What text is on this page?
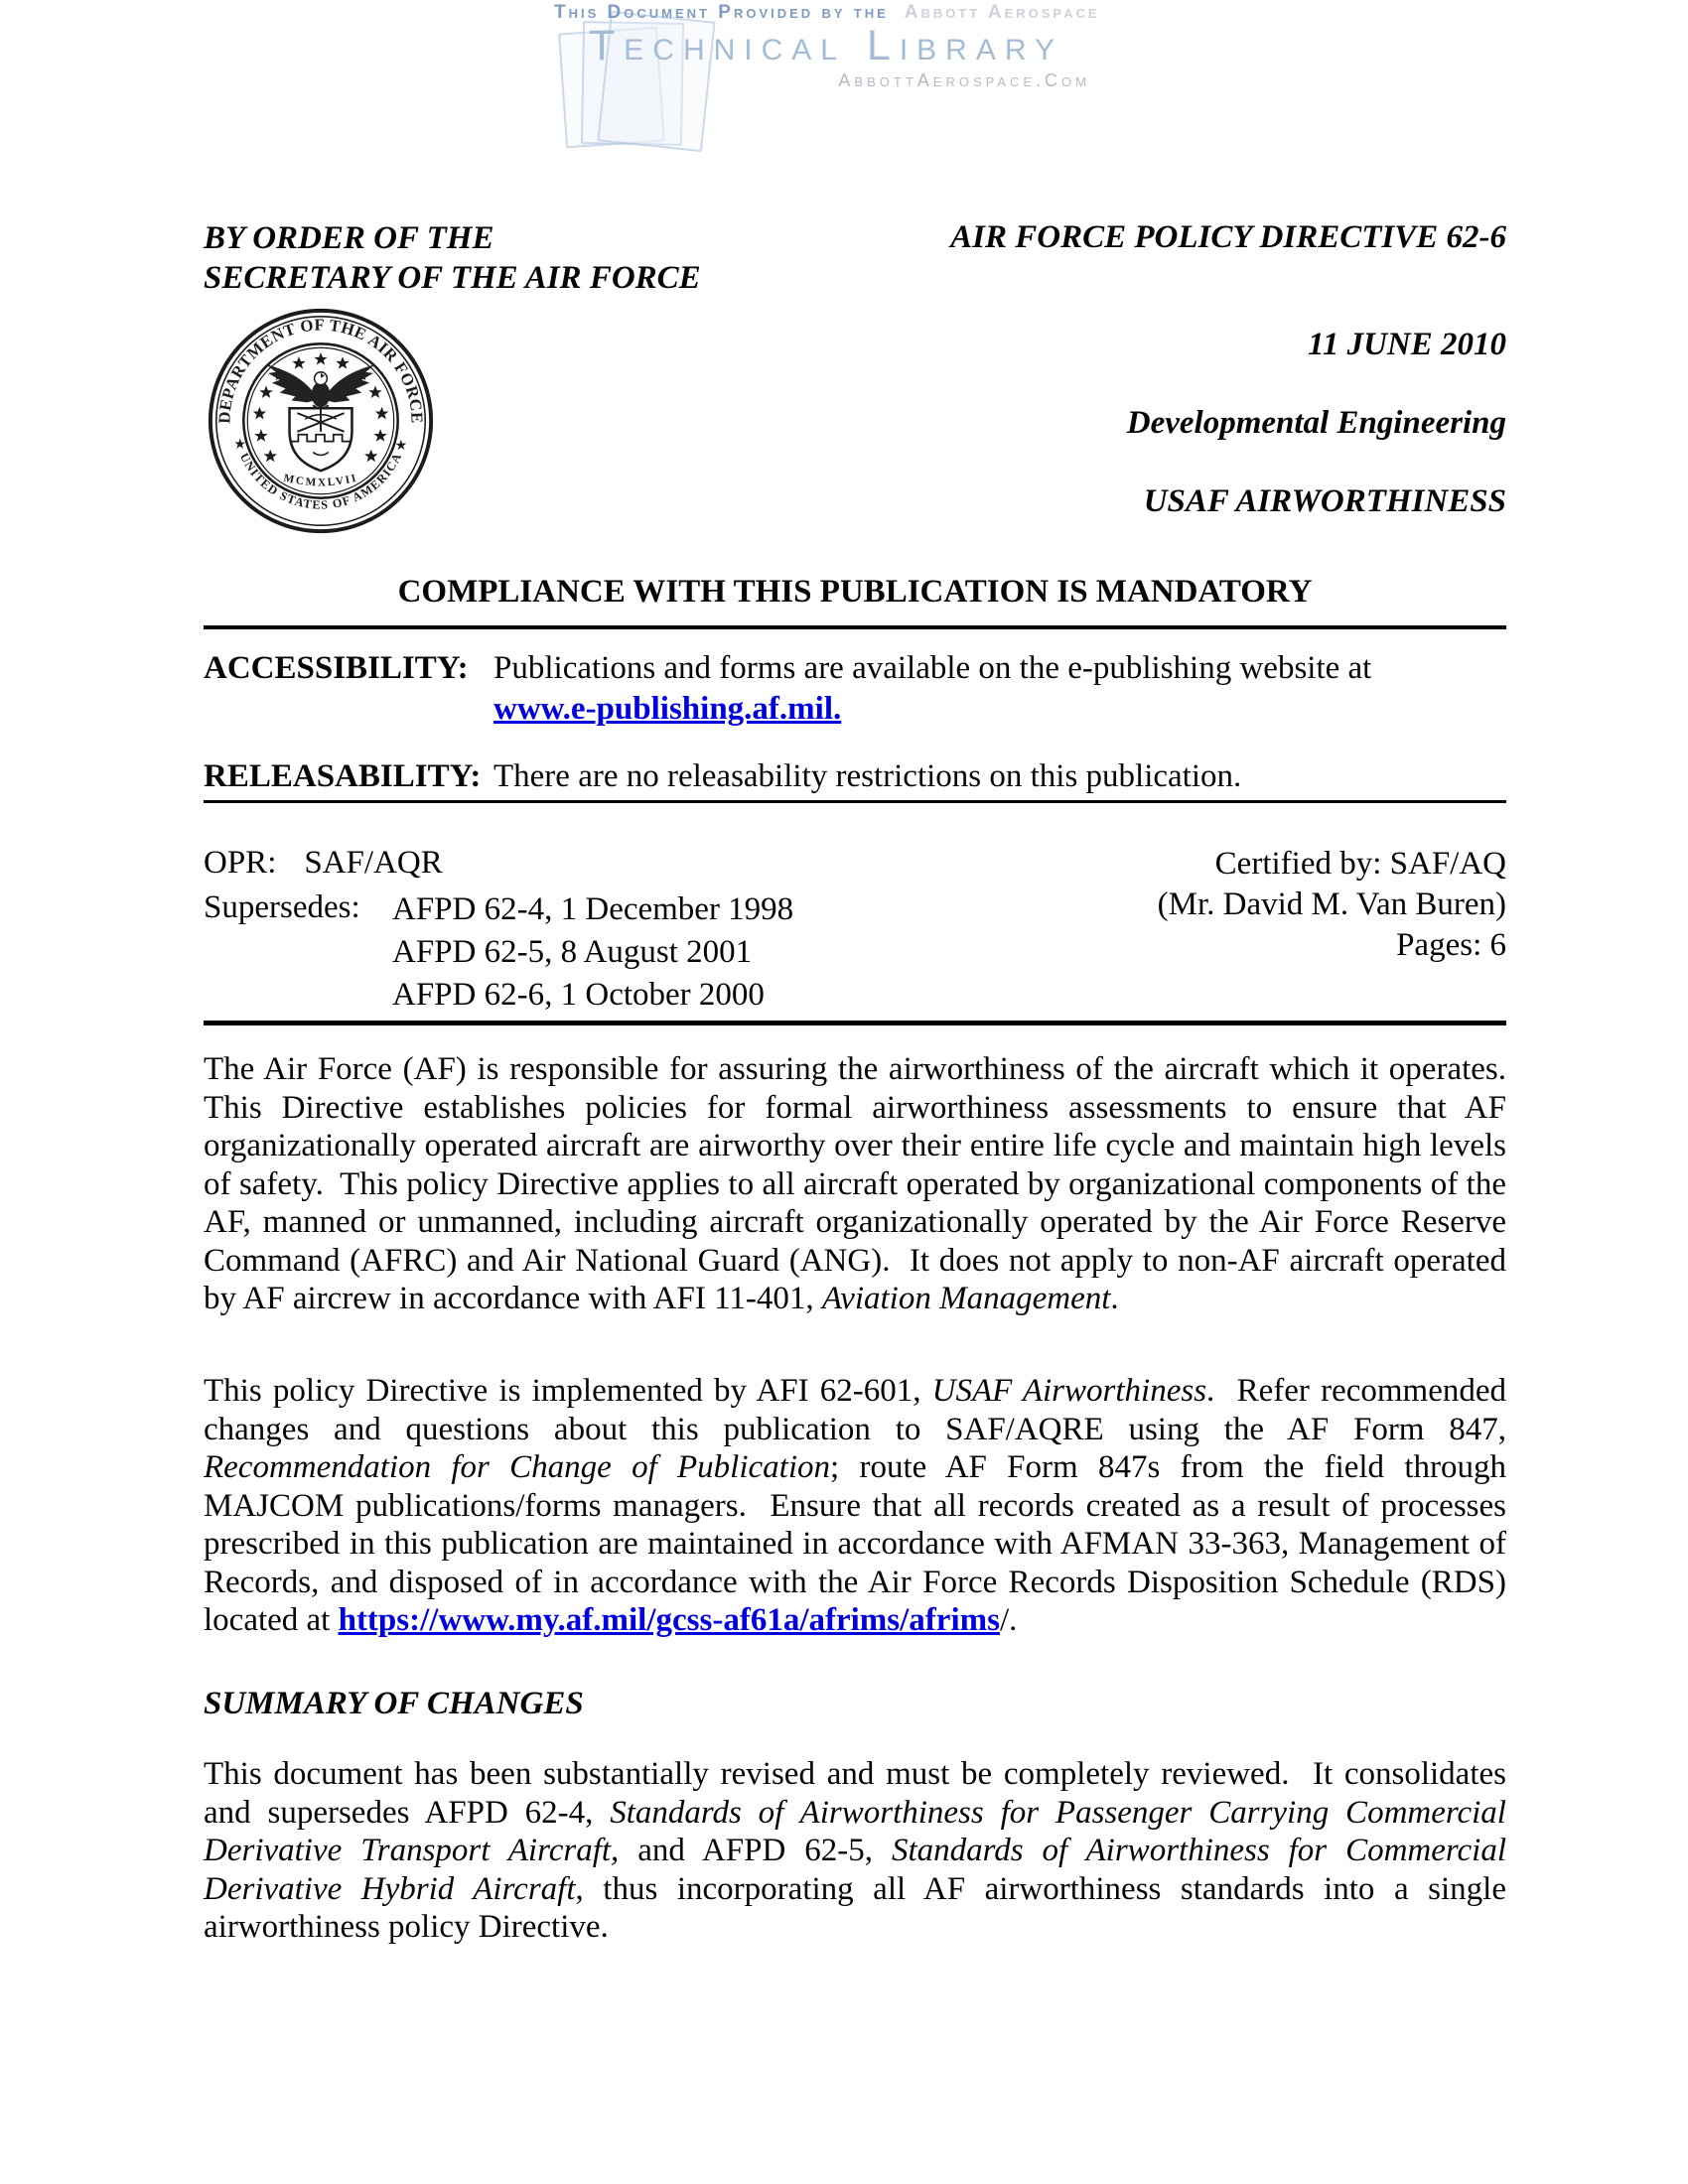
This Document Provided by the Abbott Aerospace
Technical Library
AbbottAerospace.Com
BY ORDER OF THE
SECRETARY OF THE AIR FORCE
AIR FORCE POLICY DIRECTIVE 62-6
11 JUNE 2010
Developmental Engineering
USAF AIRWORTHINESS
DEPARTMENT OF THE AIR FORCE
★ UNITED STATES OF AMERICA ★
MCMXLVII
COMPLIANCE WITH THIS PUBLICATION IS MANDATORY
ACCESSIBILITY: Publications and forms are available on the e-publishing website at
www.e-publishing.af.mil.
RELEASABILITY: There are no releasability restrictions on this publication.
OPR: SAF/AQR
Supersedes: AFPD 62-4, 1 December 1998
AFPD 62-5, 8 August 2001
AFPD 62-6, 1 October 2000
Certified by: SAF/AQ
(Mr. David M. Van Buren)
Pages: 6
The Air Force (AF) is responsible for assuring the airworthiness of the aircraft which it operates.  This Directive establishes policies for formal airworthiness assessments to ensure that AF organizationally operated aircraft are airworthy over their entire life cycle and maintain high levels of safety.  This policy Directive applies to all aircraft operated by organizational components of the AF, manned or unmanned, including aircraft organizationally operated by the Air Force Reserve Command (AFRC) and Air National Guard (ANG).  It does not apply to non-AF aircraft operated by AF aircrew in accordance with AFI 11-401, Aviation Management.
This policy Directive is implemented by AFI 62-601, USAF Airworthiness.  Refer recommended changes and questions about this publication to SAF/AQRE using the AF Form 847, Recommendation for Change of Publication; route AF Form 847s from the field through MAJCOM publications/forms managers.  Ensure that all records created as a result of processes prescribed in this publication are maintained in accordance with AFMAN 33-363, Management of Records, and disposed of in accordance with the Air Force Records Disposition Schedule (RDS) located at https://www.my.af.mil/gcss-af61a/afrims/afrims/.
SUMMARY OF CHANGES
This document has been substantially revised and must be completely reviewed.  It consolidates and supersedes AFPD 62-4, Standards of Airworthiness for Passenger Carrying Commercial Derivative Transport Aircraft, and AFPD 62-5, Standards of Airworthiness for Commercial Derivative Hybrid Aircraft, thus incorporating all AF airworthiness standards into a single airworthiness policy Directive.
